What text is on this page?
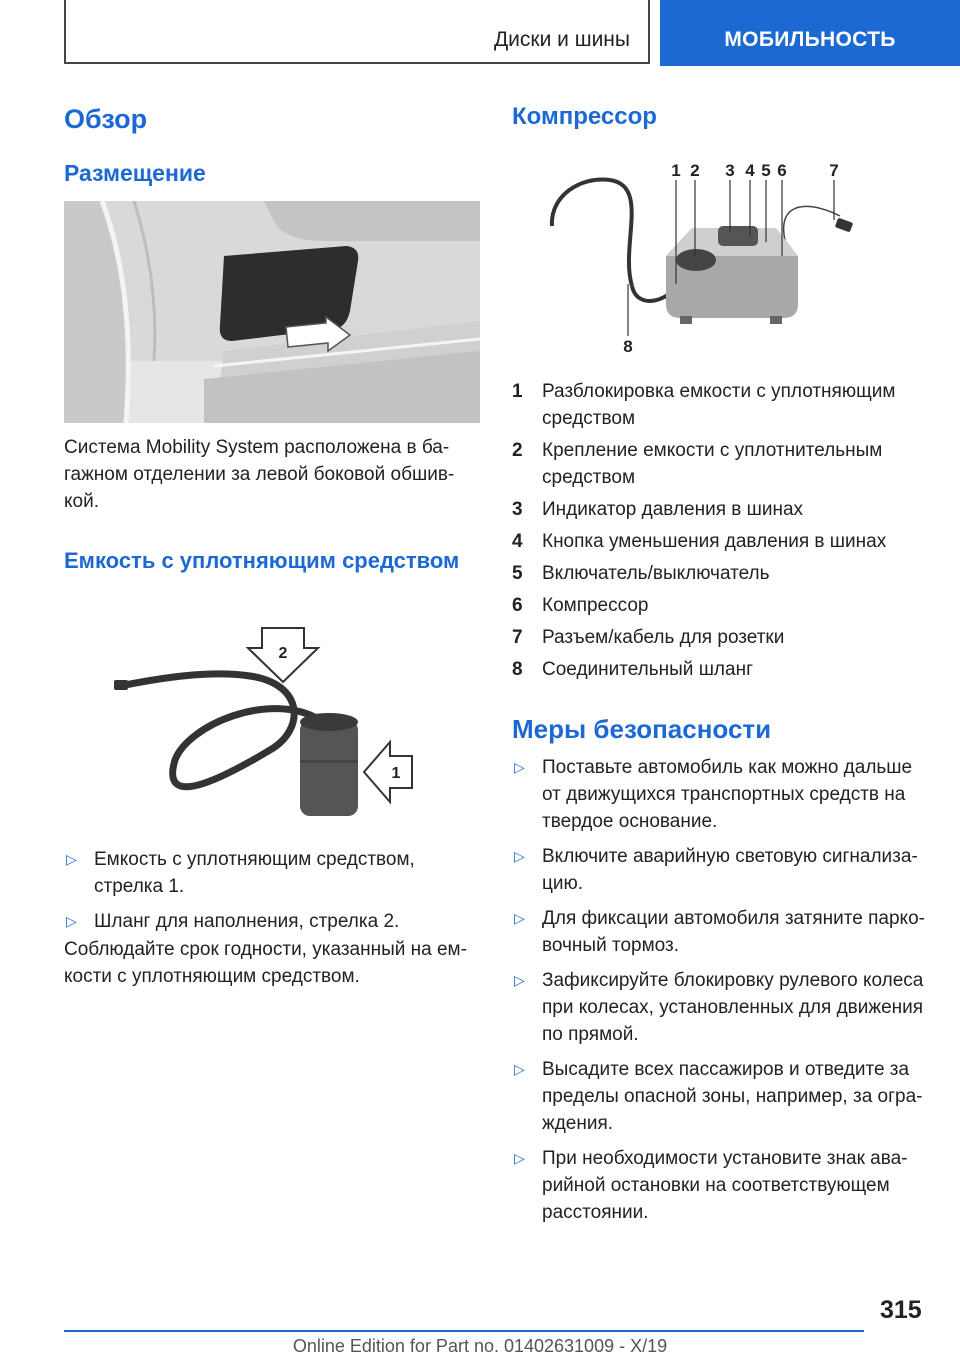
Диски и шины	МОБИЛЬНОСТЬ
Обзор
Размещение
Система Mobility System расположена в ба-гажном отделении за левой боковой обшив-кой.
Емкость с уплотняющим средством
2
1
▷ Емкость с уплотняющим средством, стрелка 1.
▷ Шланг для наполнения, стрелка 2.
Соблюдайте срок годности, указанный на ем-кости с уплотняющим средством.
Компрессор
1 2 3 4 5 6	7
8
1 Разблокировка емкости с уплотняющим средством
2 Крепление емкости с уплотнительным средством
3 Индикатор давления в шинах
4 Кнопка уменьшения давления в шинах
5 Включатель/выключатель
6 Компрессор
7 Разъем/кабель для розетки
8 Соединительный шланг
Меры безопасности
▷ Поставьте автомобиль как можно дальше от движущихся транспортных средств на твердое основание.
▷ Включите аварийную световую сигнализа-цию.
▷ Для фиксации автомобиля затяните парко-вочный тормоз.
▷ Зафиксируйте блокировку рулевого колеса при колесах, установленных для движения по прямой.
▷ Высадите всех пассажиров и отведите за пределы опасной зоны, например, за огра-ждения.
▷ При необходимости установите знак ава-рийной остановки на соответствующем расстоянии.
315
Online Edition for Part no. 01402631009 - X/19
